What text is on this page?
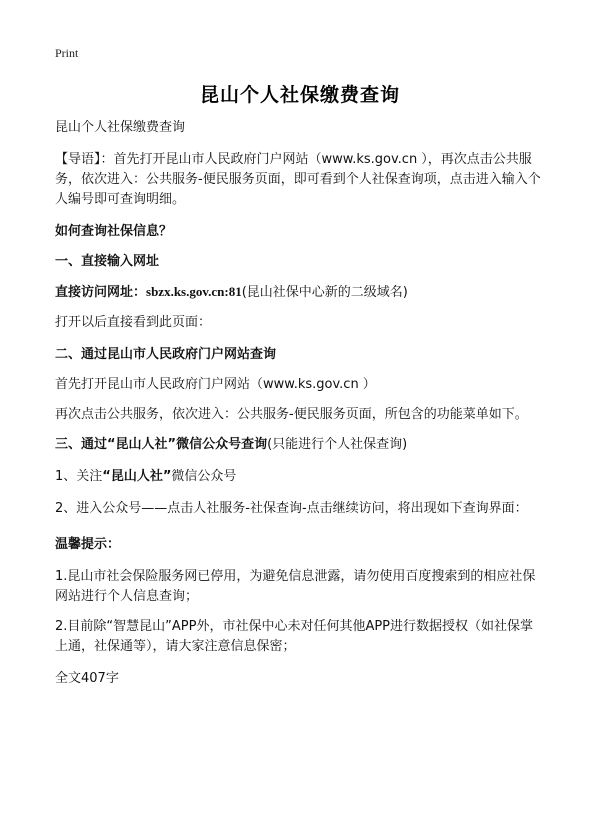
Print
昆山个人社保缴费查询

昆山个人社保缴费查询

【导语】：首先打开昆山市人民政府门户网站（www.ks.gov.cn ），再次点击公共服务，依次进入：公共服务-便民服务页面，即可看到个人社保查询项，点击进入输入个人编号即可查询明细。

如何查询社保信息？

一、直接输入网址

直接访问网址：sbzx.ks.gov.cn:81(昆山社保中心新的二级域名)

打开以后直接看到此页面：

二、通过昆山市人民政府门户网站查询

首先打开昆山市人民政府门户网站（www.ks.gov.cn ）

再次点击公共服务，依次进入：公共服务-便民服务页面，所包含的功能菜单如下。

三、通过“昆山人社”微信公众号查询(只能进行个人社保查询)

1、关注“昆山人社”微信公众号

2、进入公众号——点击人社服务-社保查询-点击继续访问，将出现如下查询界面：

温馨提示：

1.昆山市社会保险服务网已停用，为避免信息泄露，请勿使用百度搜索到的相应社保网站进行个人信息查询；

2.目前除“智慧昆山”APP外，市社保中心未对任何其他APP进行数据授权（如社保掌上通，社保通等），请大家注意信息保密；

全文407字
